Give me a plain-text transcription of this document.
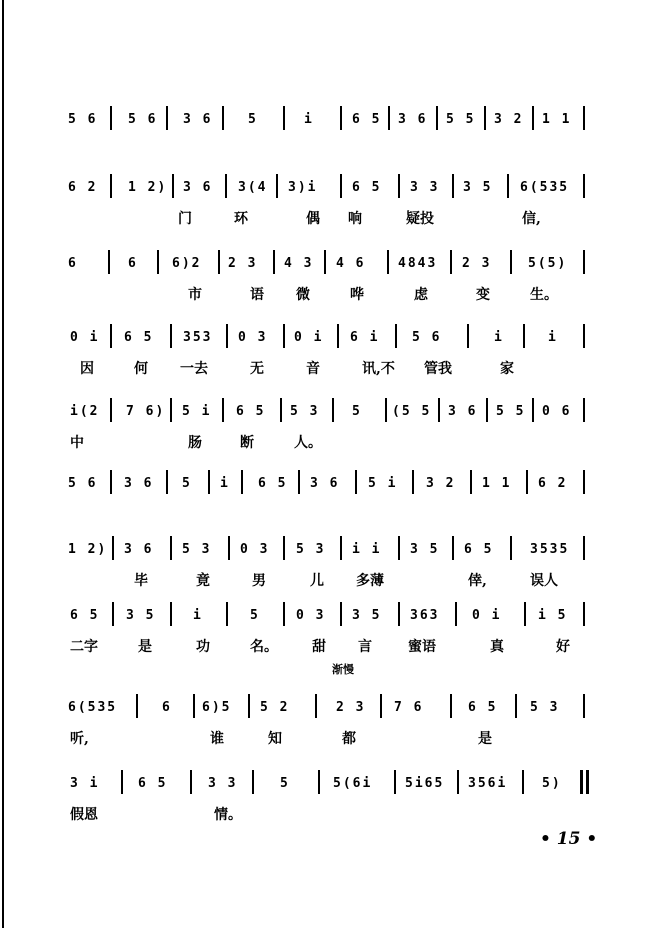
5 6 5 6 3 6	5	i	6 5 3 6 5 5 3 2 1 1
6 2 1 2) 3 6 3(4 3)i	6 5 3 3 3 5 6(535
门	环	偶 响	疑投	信,
6	6	6)2 2 3 4 3 4 6	4843 2 3	5(5)
市	语 微	哗	虑	变	生。
0 i 6 5 353 0 3 0 i 6 i	5 6	i	i
因	何 一去	无	音	讯,不 管我	家
i(2 7 6) 5 i 6 5 5 3	5 (5 5 3 6 5 5 0 6
中	肠	断	人。
5 6 3 6 5 i 6 5 3 6 5 i 3 2 1 1 6 2
1 2) 3 6 5 3 0 3 5 3 i i 3 5 6 5	3535
毕	竟	男	儿 多薄	倖,	误人
6 5 3 5	i	5	0 3 3 5 363	0 i	i 5
二字	是	功	名。 甜 言	蜜语	真	好
渐慢
6(535	6 6)5 5 2	2 3 7 6	6 5	5 3
听,	谁	知	都	是
3 i	6 5	3 3	5	5(6i	5i65 356i	5)
假恩	情。
• 15 •
